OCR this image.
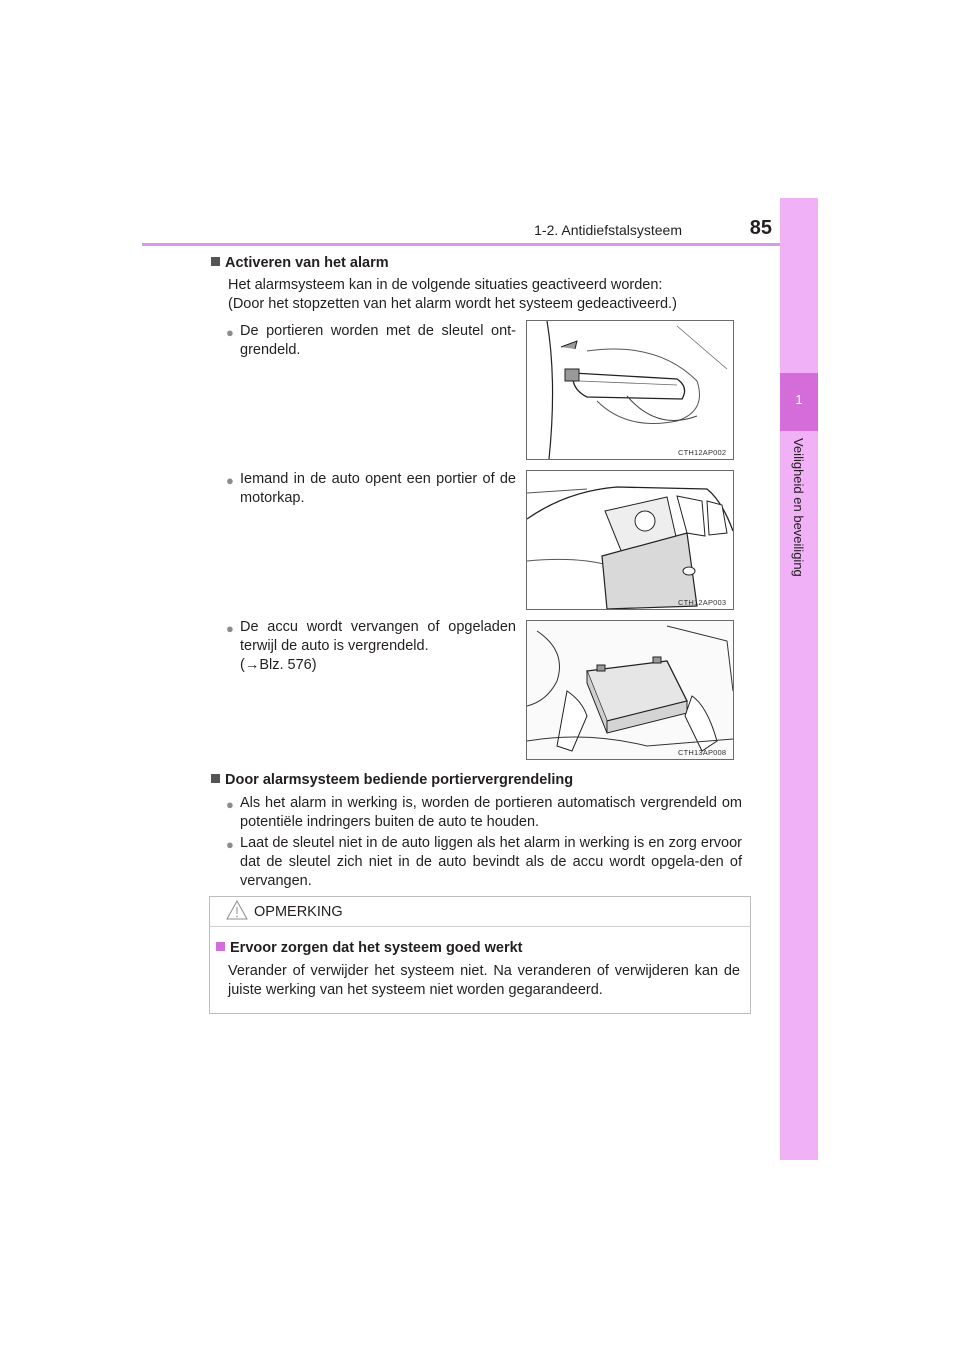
1-2. Antidiefstalsysteem	85
1
Veiligheid en beveiliging
Activeren van het alarm
Het alarmsysteem kan in de volgende situaties geactiveerd worden:
(Door het stopzetten van het alarm wordt het systeem gedeactiveerd.)
● De portieren worden met de sleutel ont-grendeld.
CTH12AP002
● Iemand in de auto opent een portier of de motorkap.
CTH12AP003
● De accu wordt vervangen of opgeladen terwijl de auto is vergrendeld.
(→Blz. 576)
CTH13AP008
Door alarmsysteem bediende portiervergrendeling
● Als het alarm in werking is, worden de portieren automatisch vergrendeld om potentiële indringers buiten de auto te houden.
● Laat de sleutel niet in de auto liggen als het alarm in werking is en zorg ervoor dat de sleutel zich niet in de auto bevindt als de accu wordt opgela-den of vervangen.
OPMERKING
Ervoor zorgen dat het systeem goed werkt
Verander of verwijder het systeem niet. Na veranderen of verwijderen kan de juiste werking van het systeem niet worden gegarandeerd.
